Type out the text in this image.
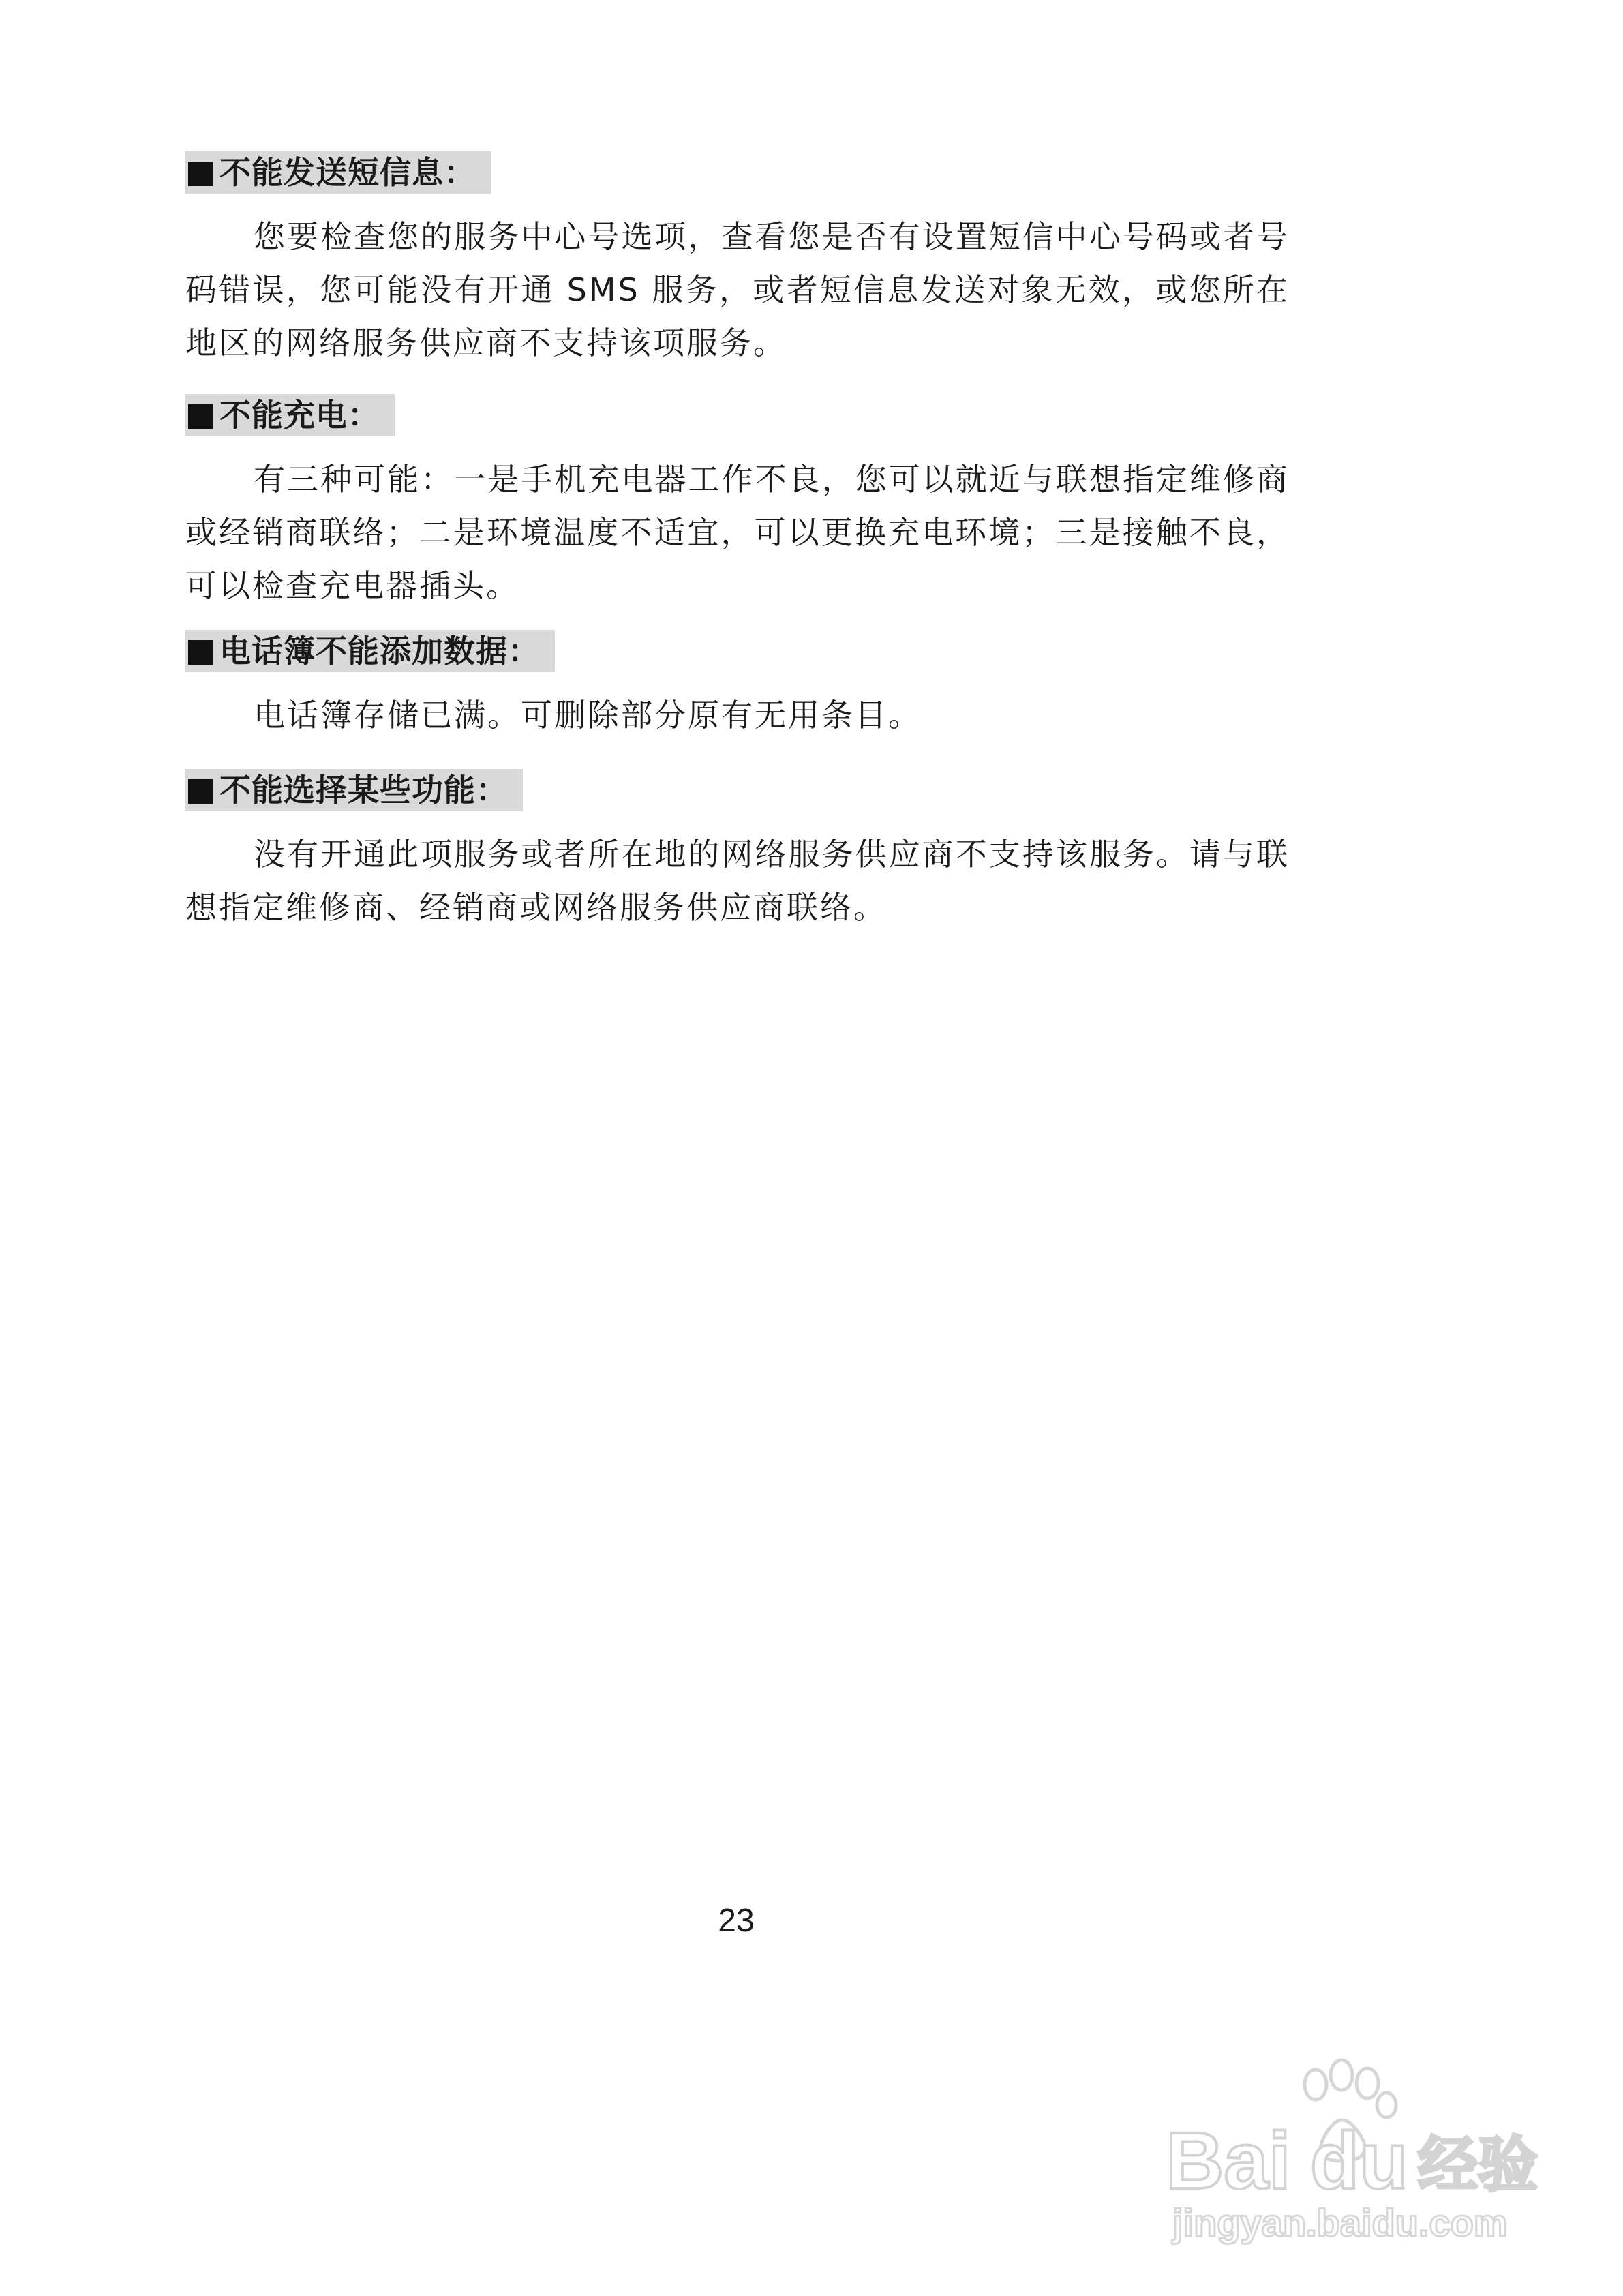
不能发送短信息：

您要检查您的服务中心号选项，查看您是否有设置短信中心号码或者号码错误，您可能没有开通 SMS 服务，或者短信息发送对象无效，或您所在地区的网络服务供应商不支持该项服务。

不能充电：

有三种可能：一是手机充电器工作不良，您可以就近与联想指定维修商或经销商联络；二是环境温度不适宜，可以更换充电环境；三是接触不良，可以检查充电器插头。

电话簿不能添加数据：

电话簿存储已满。可删除部分原有无用条目。

不能选择某些功能：

没有开通此项服务或者所在地的网络服务供应商不支持该服务。请与联想指定维修商、经销商或网络服务供应商联络。

23
Bai du 经验
jingyan.baidu.com
